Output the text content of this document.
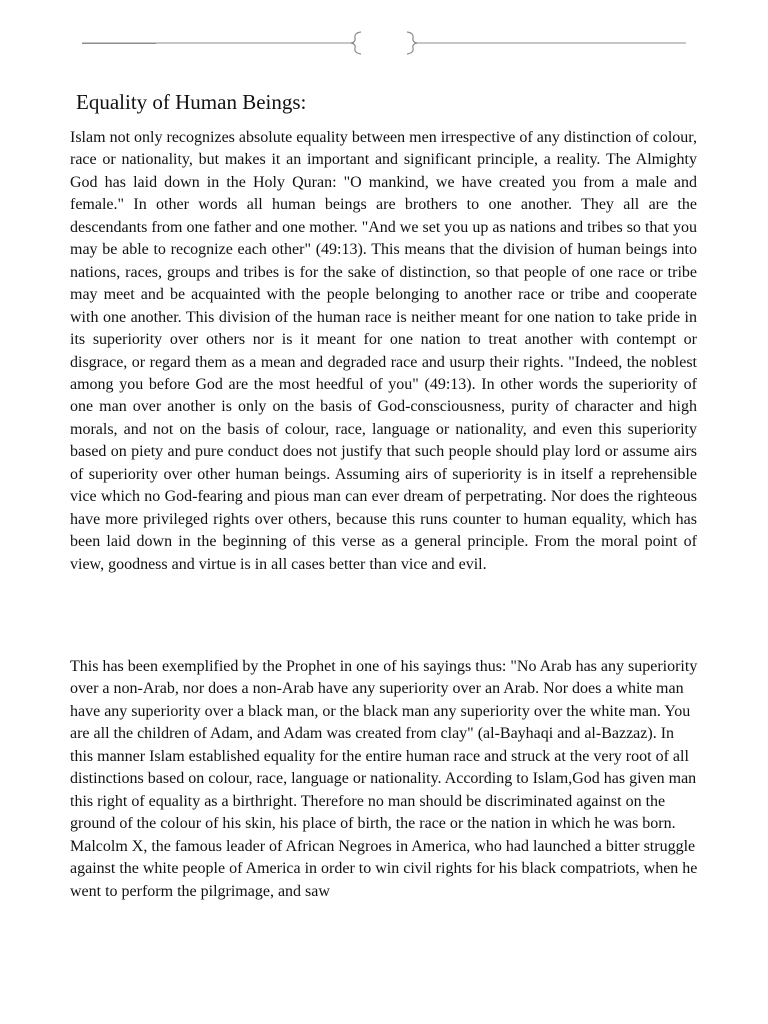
Equality of Human Beings:

Islam not only recognizes absolute equality between men irrespective of any distinction of colour, race or nationality, but makes it an important and significant principle, a reality. The Almighty God has laid down in the Holy Quran: "O mankind, we have created you from a male and female." In other words all human beings are brothers to one another. They all are the descendants from one father and one mother. "And we set you up as nations and tribes so that you may be able to recognize each other" (49:13). This means that the division of human beings into nations, races, groups and tribes is for the sake of distinction, so that people of one race or tribe may meet and be acquainted with the people belonging to another race or tribe and cooperate with one another. This division of the human race is neither meant for one nation to take pride in its superiority over others nor is it meant for one nation to treat another with contempt or disgrace, or regard them as a mean and degraded race and usurp their rights. "Indeed, the noblest among you before God are the most heedful of you" (49:13). In other words the superiority of one man over another is only on the basis of God-consciousness, purity of character and high morals, and not on the basis of colour, race, language or nationality, and even this superiority based on piety and pure conduct does not justify that such people should play lord or assume airs of superiority over other human beings. Assuming airs of superiority is in itself a reprehensible vice which no God-fearing and pious man can ever dream of perpetrating. Nor does the righteous have more privileged rights over others, because this runs counter to human equality, which has been laid down in the beginning of this verse as a general principle. From the moral point of view, goodness and virtue is in all cases better than vice and evil.

This has been exemplified by the Prophet in one of his sayings thus: "No Arab has any superiority over a non-Arab, nor does a non-Arab have any superiority over an Arab. Nor does a white man have any superiority over a black man, or the black man any superiority over the white man. You are all the children of Adam, and Adam was created from clay" (al-Bayhaqi and al-Bazzaz). In this manner Islam established equality for the entire human race and struck at the very root of all distinctions based on colour, race, language or nationality. According to Islam,God has given man this right of equality as a birthright. Therefore no man should be discriminated against on the ground of the colour of his skin, his place of birth, the race or the nation in which he was born. Malcolm X, the famous leader of African Negroes in America, who had launched a bitter struggle against the white people of America in order to win civil rights for his black compatriots, when he went to perform the pilgrimage, and saw
